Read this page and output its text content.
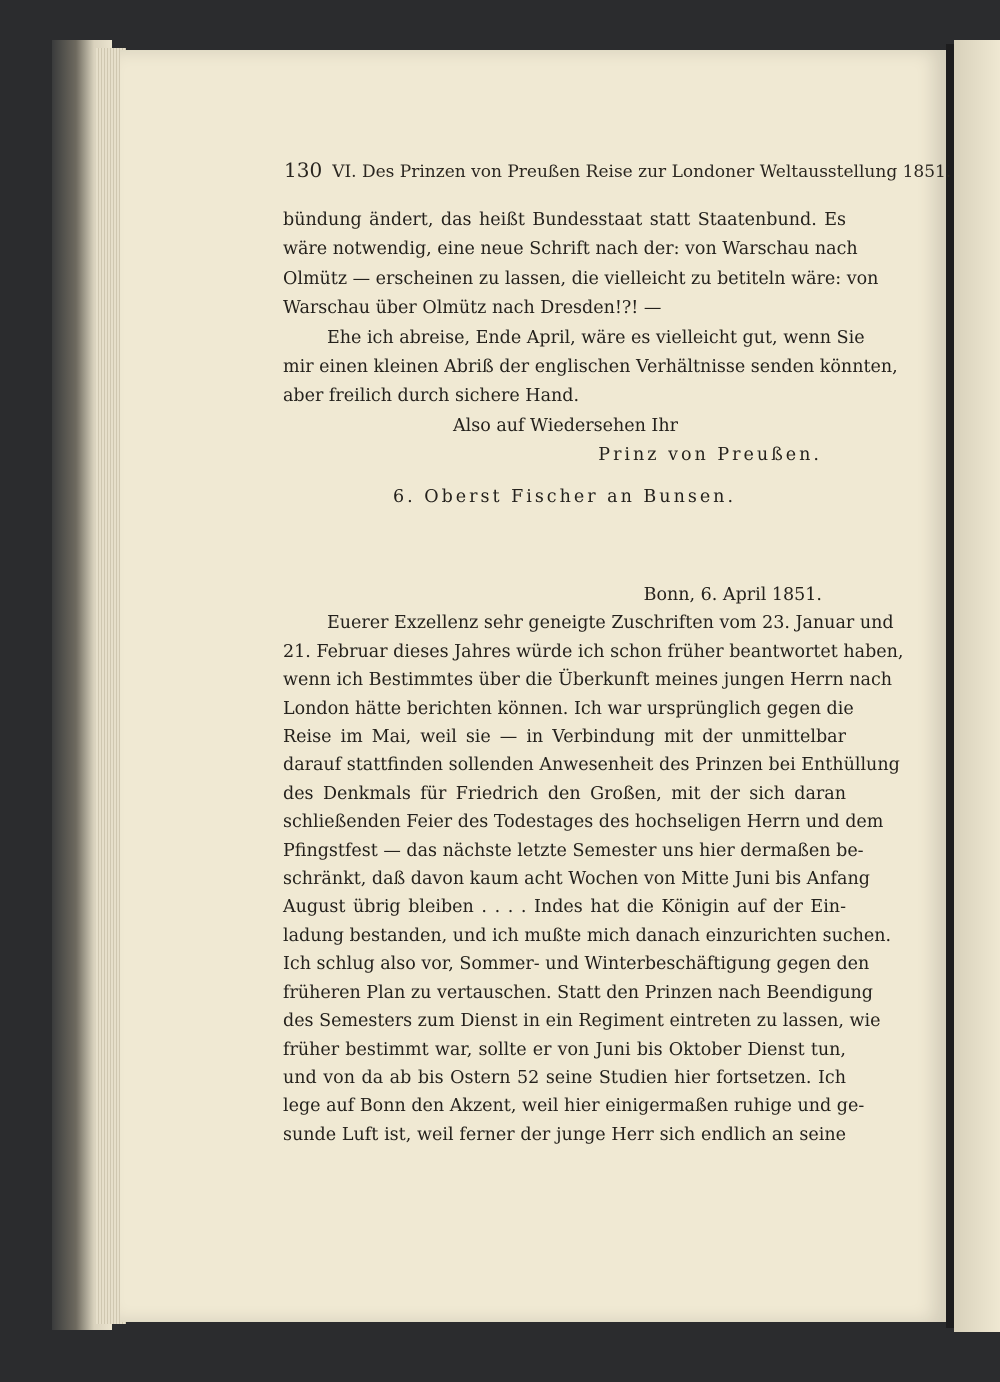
130 VI. Des Prinzen von Preußen Reise zur Londoner Weltausstellung 1851.
bündung ändert, das heißt Bundesstaat statt Staatenbund. Es
wäre notwendig, eine neue Schrift nach der: von Warschau nach
Olmütz — erscheinen zu lassen, die vielleicht zu betiteln wäre: von
Warschau über Olmütz nach Dresden!?! —
Ehe ich abreise, Ende April, wäre es vielleicht gut, wenn Sie
mir einen kleinen Abriß der englischen Verhältnisse senden könnten,
aber freilich durch sichere Hand.
Also auf Wiedersehen Ihr
Prinz von Preußen.
6. Oberst Fischer an Bunsen.
Bonn, 6. April 1851.
Euerer Exzellenz sehr geneigte Zuschriften vom 23. Januar und
21. Februar dieses Jahres würde ich schon früher beantwortet haben,
wenn ich Bestimmtes über die Überkunft meines jungen Herrn nach
London hätte berichten können. Ich war ursprünglich gegen die
Reise im Mai, weil sie — in Verbindung mit der unmittelbar
darauf stattfinden sollenden Anwesenheit des Prinzen bei Enthüllung
des Denkmals für Friedrich den Großen, mit der sich daran
schließenden Feier des Todestages des hochseligen Herrn und dem
Pfingstfest — das nächste letzte Semester uns hier dermaßen be-
schränkt, daß davon kaum acht Wochen von Mitte Juni bis Anfang
August übrig bleiben . . . . Indes hat die Königin auf der Ein-
ladung bestanden, und ich mußte mich danach einzurichten suchen.
Ich schlug also vor, Sommer- und Winterbeschäftigung gegen den
früheren Plan zu vertauschen. Statt den Prinzen nach Beendigung
des Semesters zum Dienst in ein Regiment eintreten zu lassen, wie
früher bestimmt war, sollte er von Juni bis Oktober Dienst tun,
und von da ab bis Ostern 52 seine Studien hier fortsetzen. Ich
lege auf Bonn den Akzent, weil hier einigermaßen ruhige und ge-
sunde Luft ist, weil ferner der junge Herr sich endlich an seine
